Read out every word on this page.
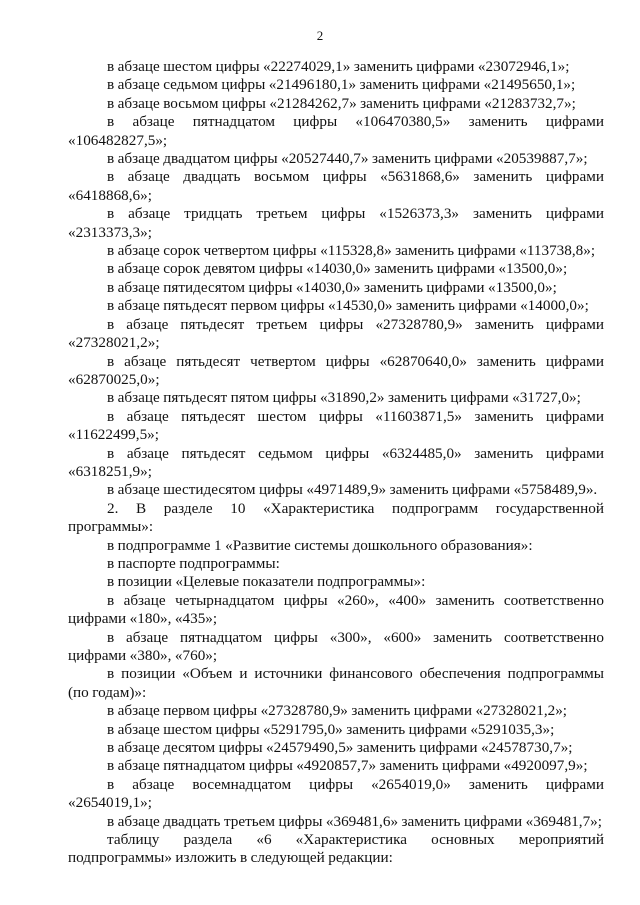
2

в абзаце шестом цифры «22274029,1» заменить цифрами «23072946,1»;

в абзаце седьмом цифры «21496180,1» заменить цифрами «21495650,1»;

в абзаце восьмом цифры «21284262,7» заменить цифрами «21283732,7»;

в абзаце пятнадцатом цифры «106470380,5» заменить цифрами «106482827,5»;

в абзаце двадцатом цифры «20527440,7» заменить цифрами «20539887,7»;

в абзаце двадцать восьмом цифры «5631868,6» заменить цифрами «6418868,6»;

в абзаце тридцать третьем цифры «1526373,3» заменить цифрами «2313373,3»;

в абзаце сорок четвертом цифры «115328,8» заменить цифрами «113738,8»;

в абзаце сорок девятом цифры «14030,0» заменить цифрами «13500,0»;

в абзаце пятидесятом цифры «14030,0» заменить цифрами «13500,0»;

в абзаце пятьдесят первом цифры «14530,0» заменить цифрами «14000,0»;

в абзаце пятьдесят третьем цифры «27328780,9» заменить цифрами «27328021,2»;

в абзаце пятьдесят четвертом цифры «62870640,0» заменить цифрами «62870025,0»;

в абзаце пятьдесят пятом цифры «31890,2» заменить цифрами «31727,0»;

в абзаце пятьдесят шестом цифры «11603871,5» заменить цифрами «11622499,5»;

в абзаце пятьдесят седьмом цифры «6324485,0» заменить цифрами «6318251,9»;

в абзаце шестидесятом цифры «4971489,9» заменить цифрами «5758489,9».

2. В разделе 10 «Характеристика подпрограмм государственной программы»:

в подпрограмме 1 «Развитие системы дошкольного образования»:

в паспорте подпрограммы:

в позиции «Целевые показатели подпрограммы»:

в абзаце четырнадцатом цифры «260», «400» заменить соответственно цифрами «180», «435»;

в абзаце пятнадцатом цифры «300», «600» заменить соответственно цифрами «380», «760»;

в позиции «Объем и источники финансового обеспечения подпрограммы (по годам)»:

в абзаце первом цифры «27328780,9» заменить цифрами «27328021,2»;

в абзаце шестом цифры «5291795,0» заменить цифрами «5291035,3»;

в абзаце десятом цифры «24579490,5» заменить цифрами «24578730,7»;

в абзаце пятнадцатом цифры «4920857,7» заменить цифрами «4920097,9»;

в абзаце восемнадцатом цифры «2654019,0» заменить цифрами «2654019,1»;

в абзаце двадцать третьем цифры «369481,6» заменить цифрами «369481,7»;

таблицу раздела «6 «Характеристика основных мероприятий подпрограммы» изложить в следующей редакции:
